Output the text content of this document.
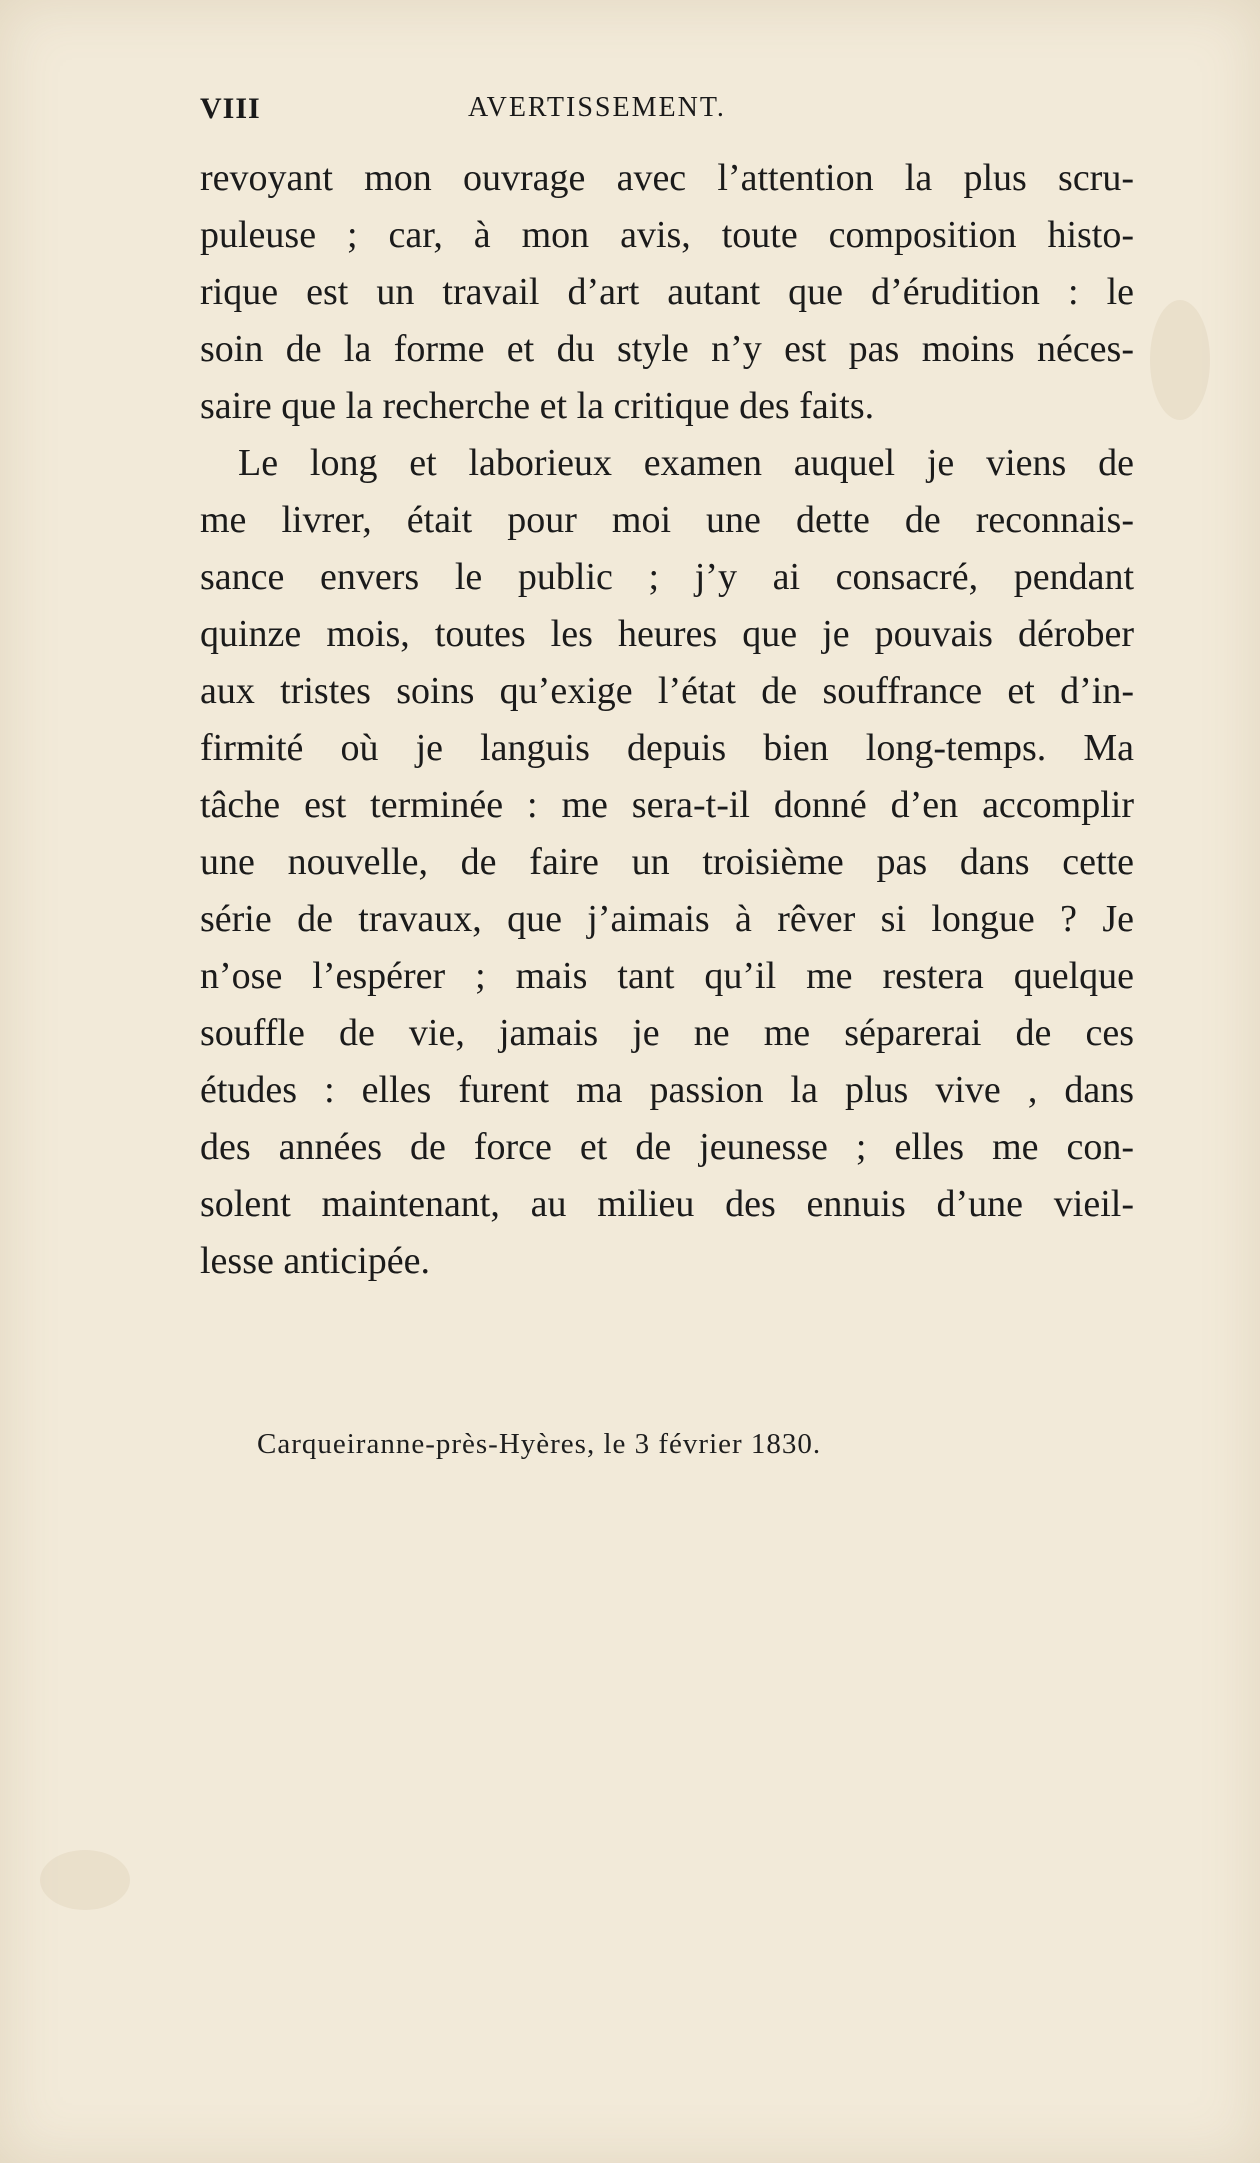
VIII	AVERTISSEMENT.
revoyant mon ouvrage avec l’attention la plus scru-
puleuse ; car, à mon avis, toute composition histo-
rique est un travail d’art autant que d’érudition : le
soin de la forme et du style n’y est pas moins néces-
saire que la recherche et la critique des faits.
Le long et laborieux examen auquel je viens de
me livrer, était pour moi une dette de reconnais-
sance envers le public ; j’y ai consacré, pendant
quinze mois, toutes les heures que je pouvais dérober
aux tristes soins qu’exige l’état de souffrance et d’in-
firmité où je languis depuis bien long-temps. Ma
tâche est terminée : me sera-t-il donné d’en accomplir
une nouvelle, de faire un troisième pas dans cette
série de travaux, que j’aimais à rêver si longue ? Je
n’ose l’espérer ; mais tant qu’il me restera quelque
souffle de vie, jamais je ne me séparerai de ces
études : elles furent ma passion la plus vive , dans
des années de force et de jeunesse ; elles me con-
solent maintenant, au milieu des ennuis d’une vieil-
lesse anticipée.
Carqueiranne-près-Hyères, le 3 février 1830.
